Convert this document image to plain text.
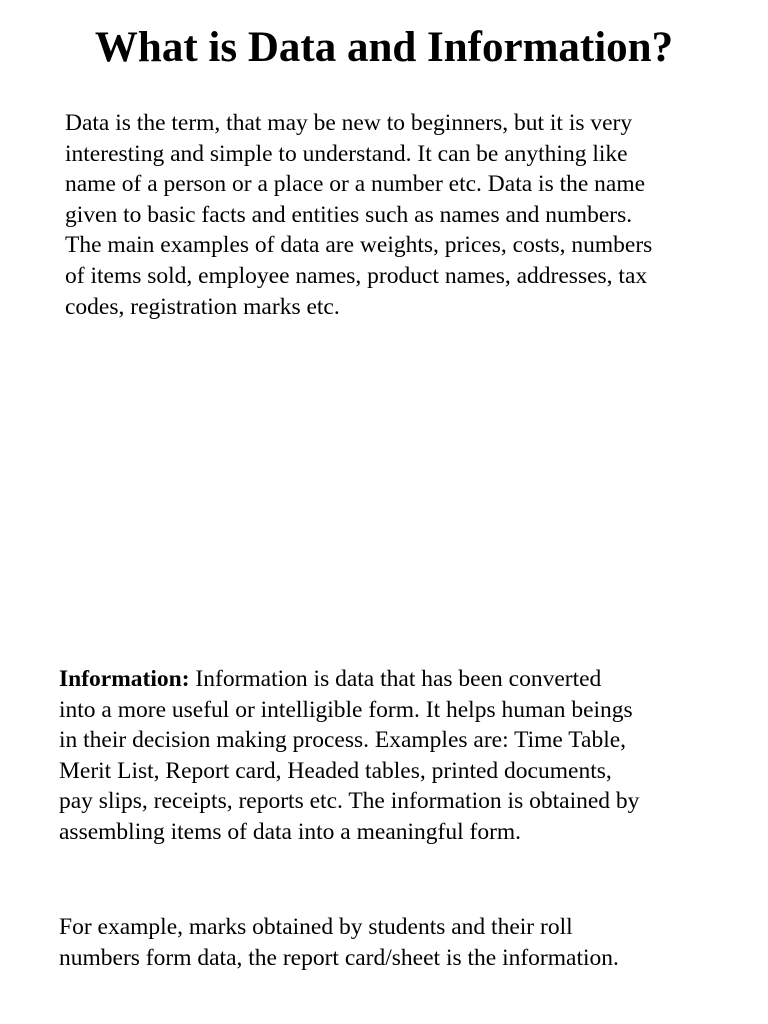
What is Data and Information?

Data is the term, that may be new to beginners, but it is very
interesting and simple to understand. It can be anything like
name of a person or a place or a number etc. Data is the name
given to basic facts and entities such as names and numbers.
The main examples of data are weights, prices, costs, numbers
of items sold, employee names, product names, addresses, tax
codes, registration marks etc.

Information: Information is data that has been converted
into a more useful or intelligible form. It helps human beings
in their decision making process. Examples are: Time Table,
Merit List, Report card, Headed tables, printed documents,
pay slips, receipts, reports etc. The information is obtained by
assembling items of data into a meaningful form.

For example, marks obtained by students and their roll
numbers form data, the report card/sheet is the information.
